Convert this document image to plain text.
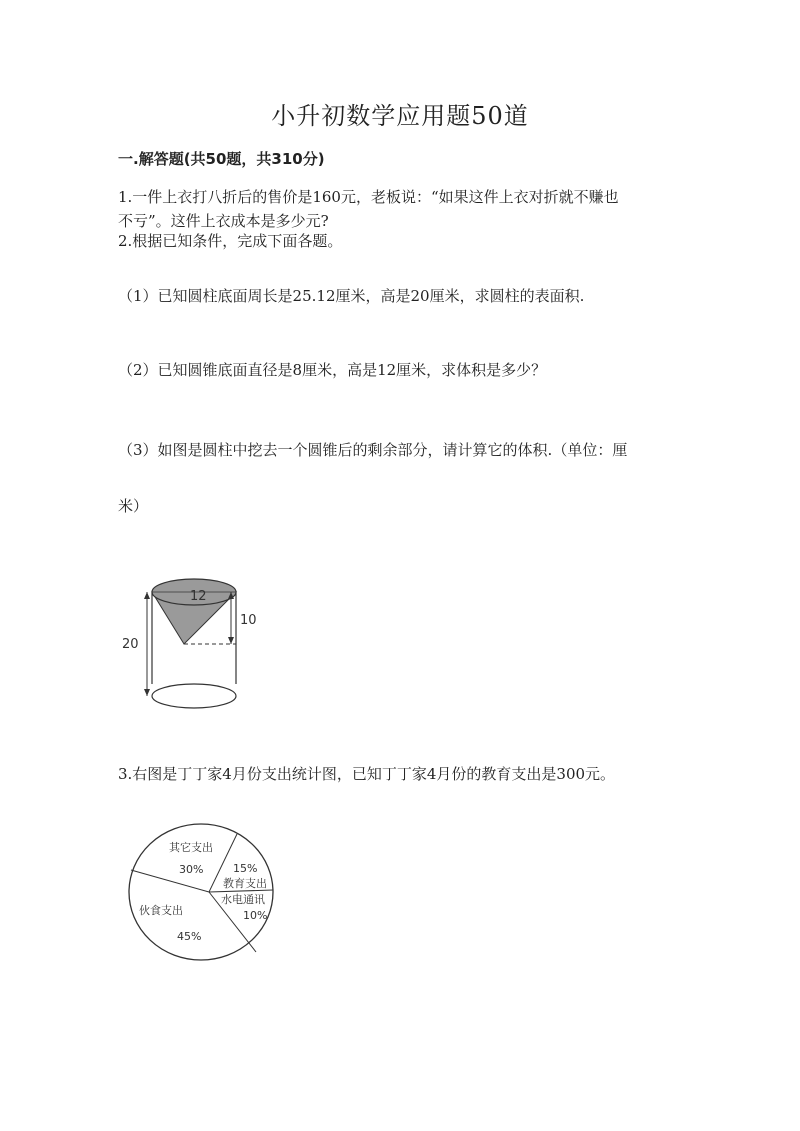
小升初数学应用题50道
一.解答题(共50题，共310分)
1.一件上衣打八折后的售价是160元，老板说：“如果这件上衣对折就不赚也
不亏”。这件上衣成本是多少元?
2.根据已知条件，完成下面各题。
（1）已知圆柱底面周长是25.12厘米，高是20厘米，求圆柱的表面积.
（2）已知圆锥底面直径是8厘米，高是12厘米，求体积是多少？
（3）如图是圆柱中挖去一个圆锥后的剩余部分，请计算它的体积.（单位：厘
米）
12
10
20
3.右图是丁丁家4月份支出统计图，已知丁丁家4月份的教育支出是300元。
其它支出
30%	15%
教育支出
水电通讯
10%
伙食支出
45%
